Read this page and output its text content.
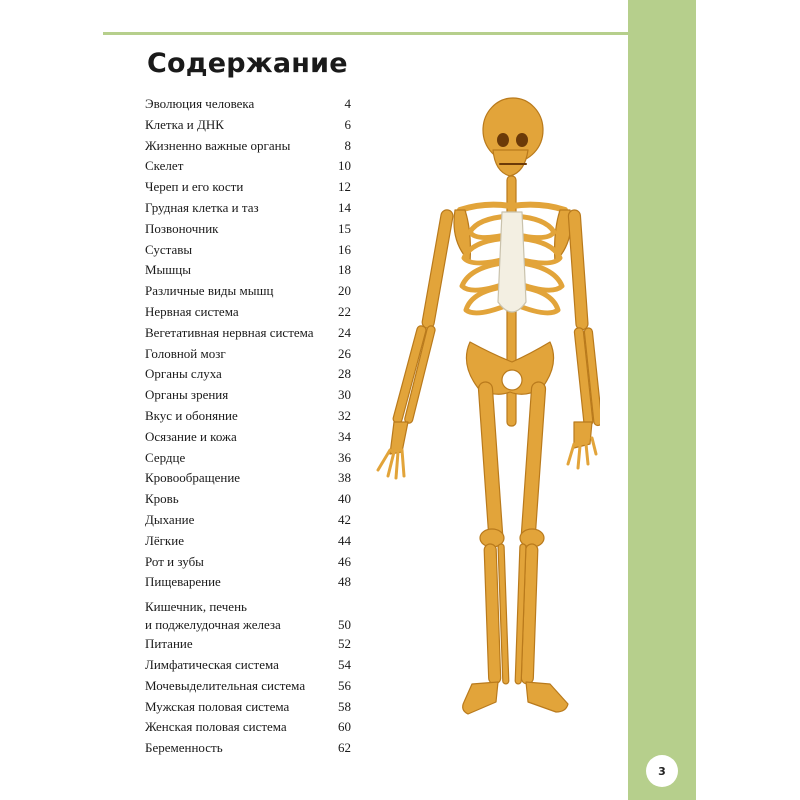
3
Содержание
Эволюция человека	4
Клетка и ДНК	6
Жизненно важные органы	8
Скелет	10
Череп и его кости	12
Грудная клетка и таз	14
Позвоночник	15
Суставы	16
Мышцы	18
Различные виды мышц	20
Нервная система	22
Вегетативная нервная система	24
Головной мозг	26
Органы слуха	28
Органы зрения	30
Вкус и обоняние	32
Осязание и кожа	34
Сердце	36
Кровообращение	38
Кровь	40
Дыхание	42
Лёгкие	44
Рот и зубы	46
Пищеварение	48
Кишечник, печень
и поджелудочная железа	50
Питание	52
Лимфатическая система	54
Мочевыделительная система	56
Мужская половая система	58
Женская половая система	60
Беременность	62
